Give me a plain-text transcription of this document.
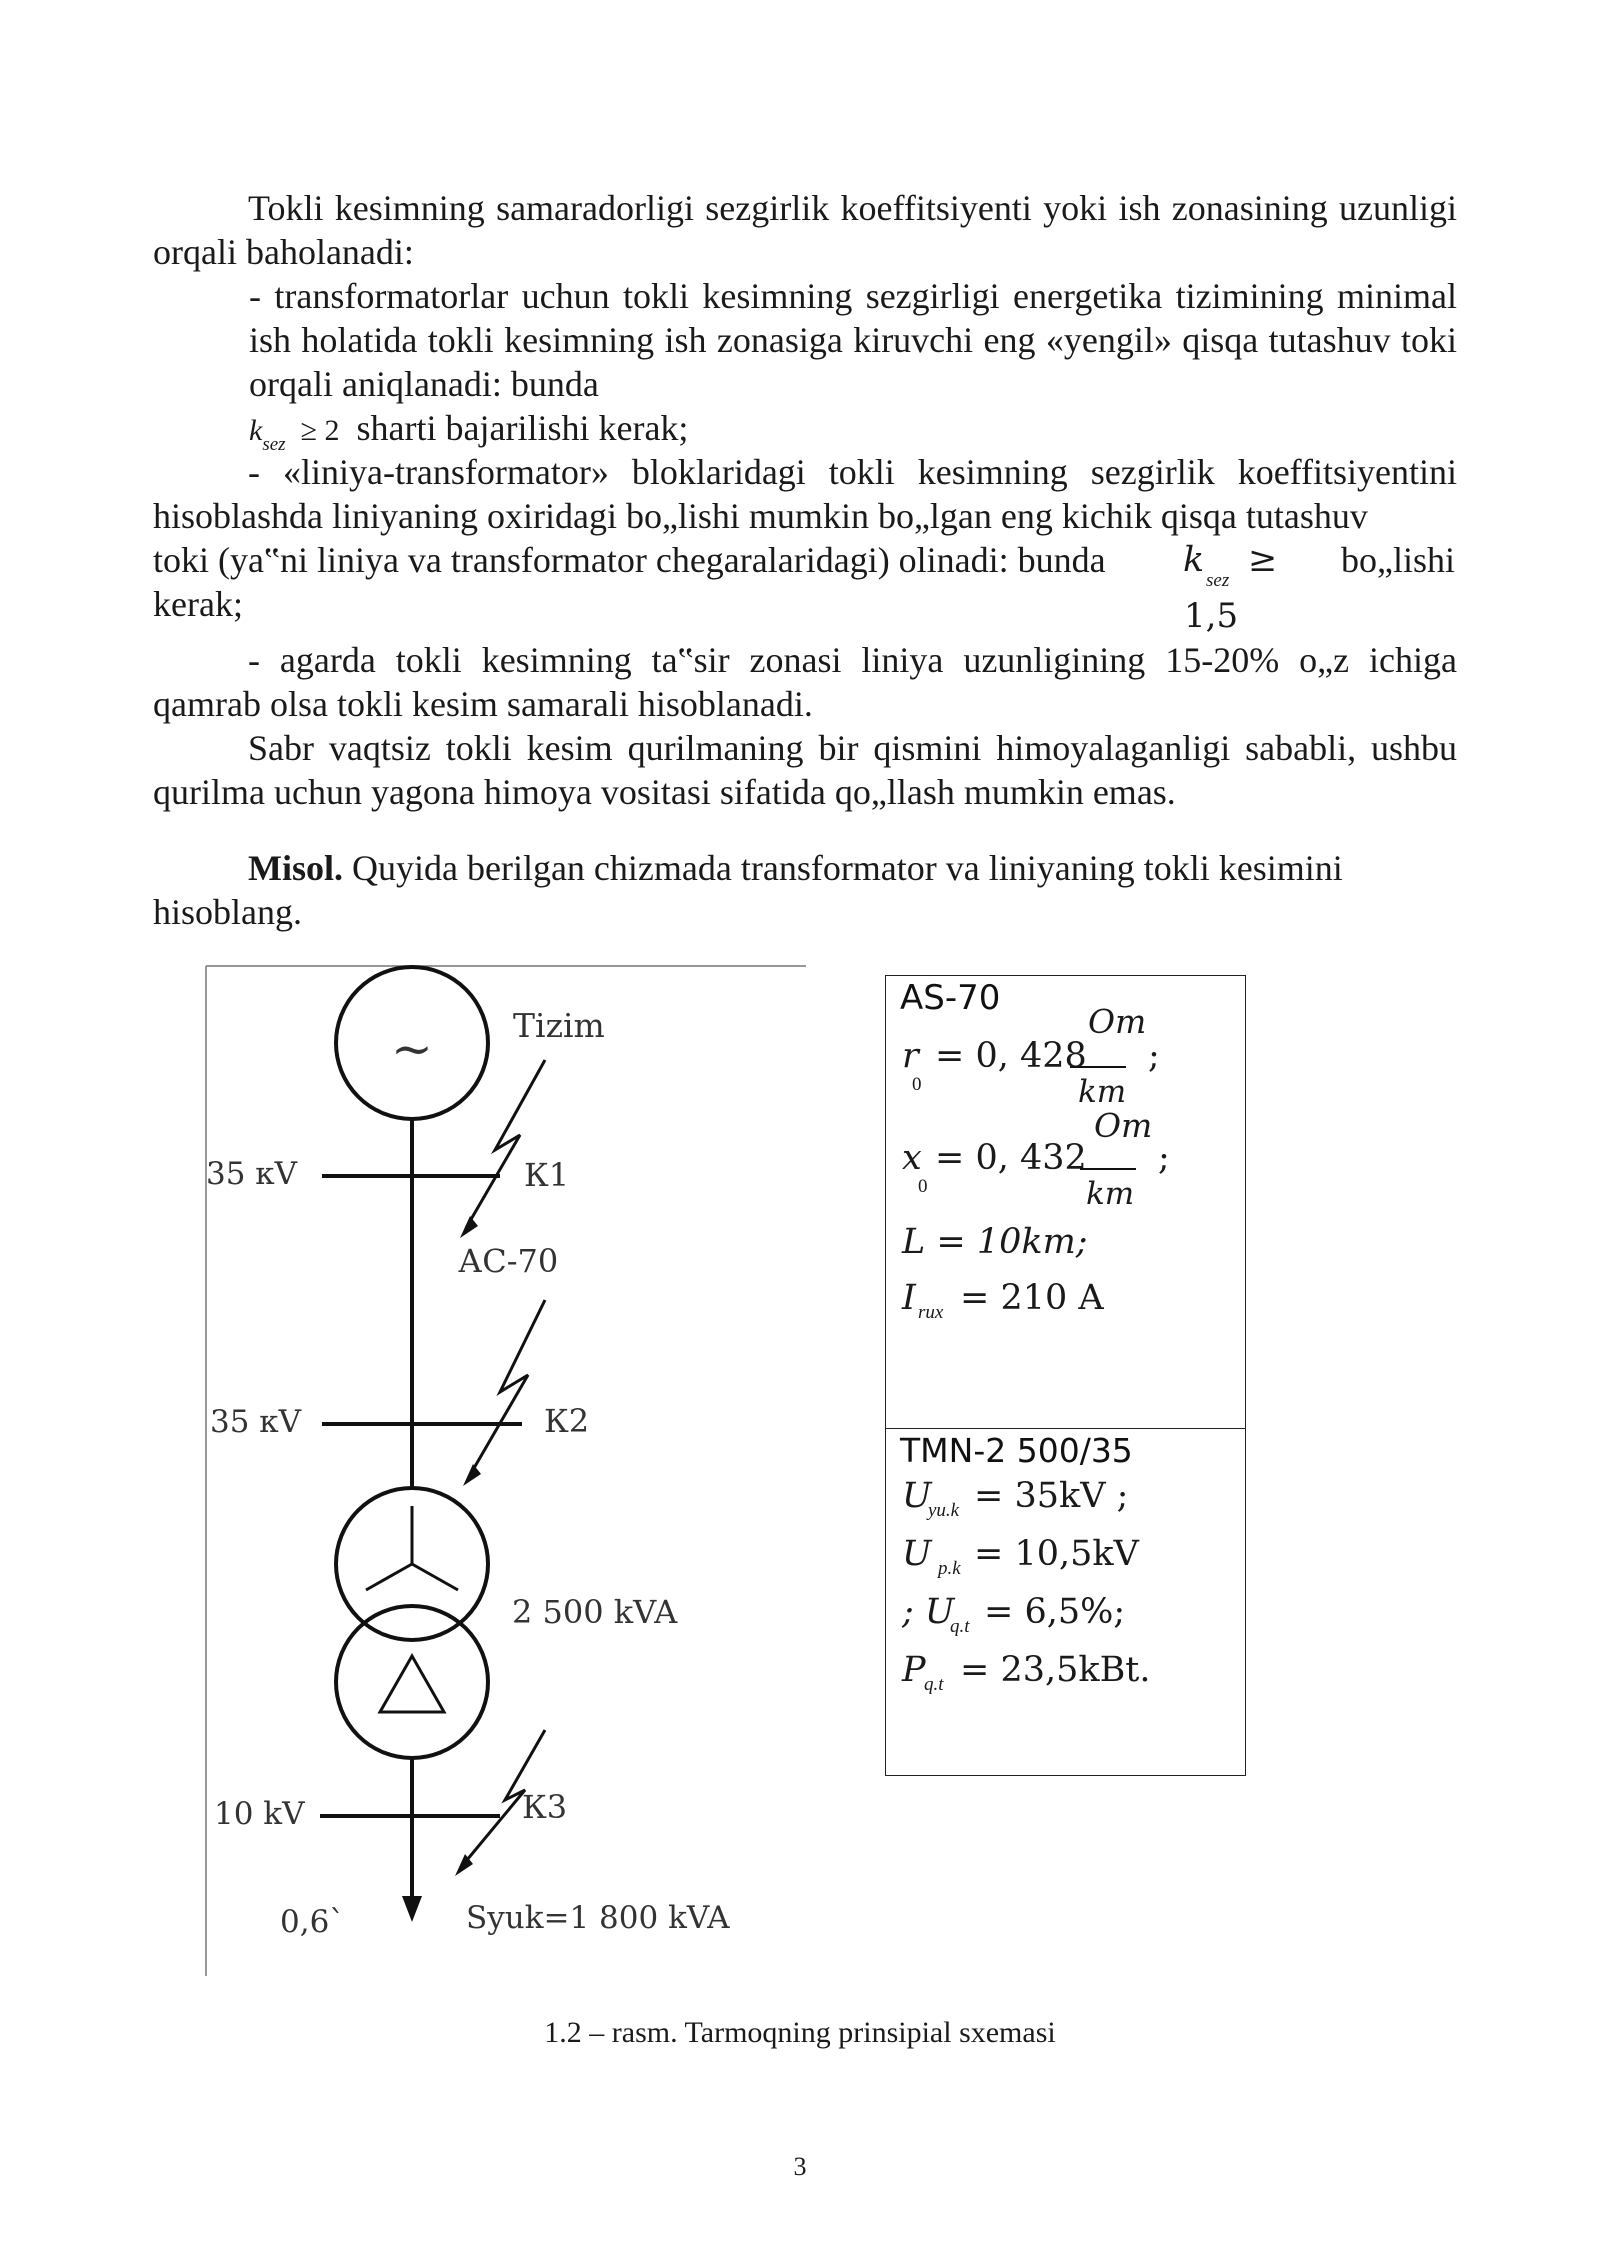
Tokli kesimning samaradorligi sezgirlik koeffitsiyenti yoki ish zonasining uzunligi orqali baholanadi:

- transformatorlar uchun tokli kesimning sezgirligi energetika tizimining minimal ish holatida tokli kesimning ish zonasiga kiruvchi eng «yengil» qisqa tutashuv toki orqali aniqlanadi: bunda

$k_{sez} \ge 2$ sharti bajarilishi kerak;

- «liniya-transformator» bloklaridagi tokli kesimning sezgirlik koeffitsiyentini hisoblashda liniyaning oxiridagi bo„lishi mumkin bo„lgan eng kichik qisqa tutashuv

toki (ya‟ni liniya va transformator chegaralaridagi) olinadi: bunda	k
sez
≥
1,5
bo„lishi
kerak;

- agarda tokli kesimning ta‟sir zonasi liniya uzunligining 15-20% o„z ichiga qamrab olsa tokli kesim samarali hisoblanadi.

Sabr vaqtsiz tokli kesim qurilmaning bir qismini himoyalaganligi sababli, ushbu qurilma uchun yagona himoya vositasi sifatida qo„llash mumkin emas.

Misol. Quyida berilgan chizmada transformator va liniyaning tokli kesimini hisoblang.

~ Tizim
35 кV	К1
АС-70
35 кV	К2
2 500 kVA
10 kV	К3
0,6`	Syuk=1 800 kVA
AS-70
r
0
= 0, 428
Om
km
;
x
0
= 0, 432
Om
km
;
L = 10km;
I rux = 210 A
TMN-2 500/35
U
yu.k = 35kV ;
U p.k = 10,5kV
; U
q.t = 6,5%;
P
q.t = 23,5kBt.
1.2 – rasm. Tarmoqning prinsipial sxemasi
3
